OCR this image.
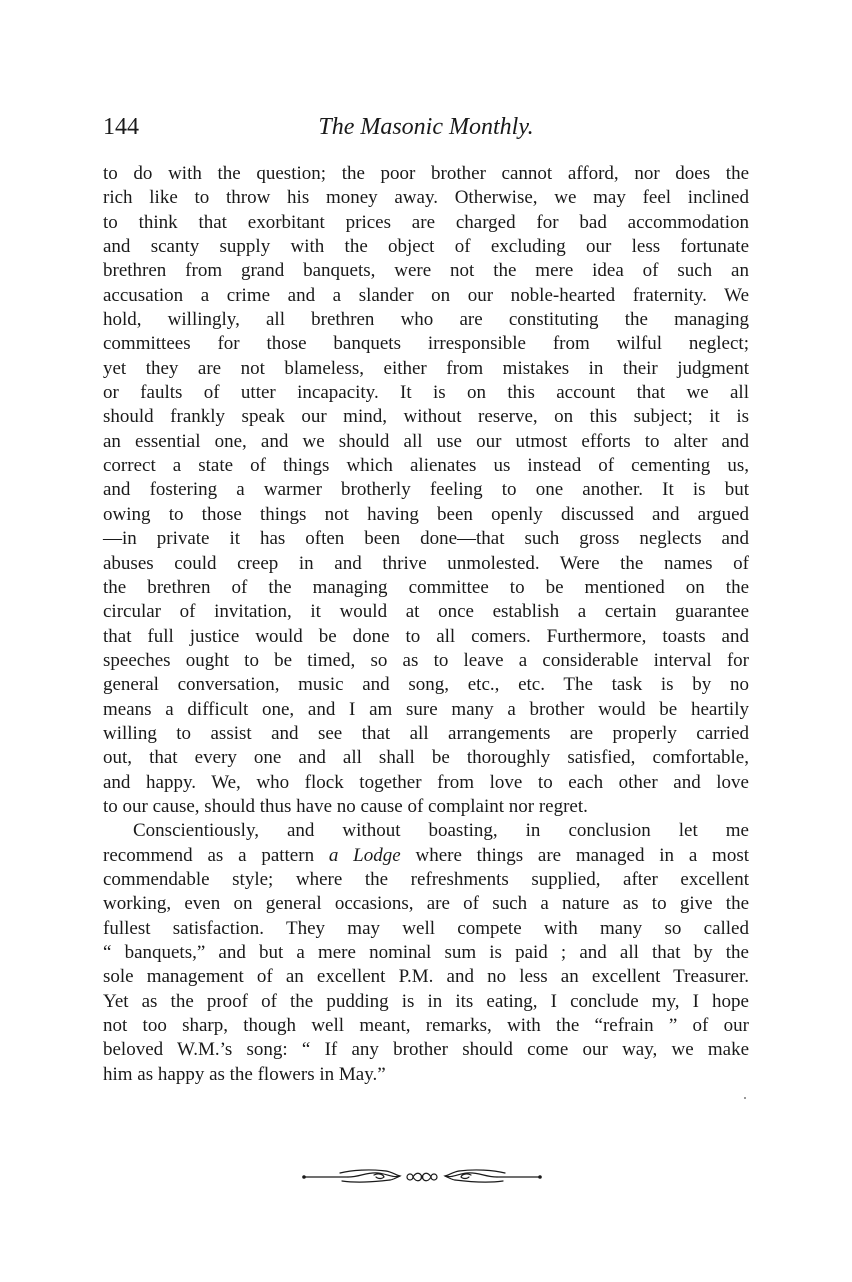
144	The Masonic Monthly.
to do with the question; the poor brother cannot afford, nor does the
rich like to throw his money away. Otherwise, we may feel inclined
to think that exorbitant prices are charged for bad accommodation
and scanty supply with the object of excluding our less fortunate
brethren from grand banquets, were not the mere idea of such an
accusation a crime and a slander on our noble-hearted fraternity. We
hold, willingly, all brethren who are constituting the managing
committees for those banquets irresponsible from wilful neglect;
yet they are not blameless, either from mistakes in their judgment
or faults of utter incapacity. It is on this account that we all
should frankly speak our mind, without reserve, on this subject; it is
an essential one, and we should all use our utmost efforts to alter and
correct a state of things which alienates us instead of cementing us,
and fostering a warmer brotherly feeling to one another. It is but
owing to those things not having been openly discussed and argued
—in private it has often been done—that such gross neglects and
abuses could creep in and thrive unmolested. Were the names of
the brethren of the managing committee to be mentioned on the
circular of invitation, it would at once establish a certain guarantee
that full justice would be done to all comers. Furthermore, toasts and
speeches ought to be timed, so as to leave a considerable interval for
general conversation, music and song, etc., etc. The task is by no
means a difficult one, and I am sure many a brother would be heartily
willing to assist and see that all arrangements are properly carried
out, that every one and all shall be thoroughly satisfied, comfortable,
and happy. We, who flock together from love to each other and love
to our cause, should thus have no cause of complaint nor regret.
Conscientiously, and without boasting, in conclusion let me
recommend as a pattern a Lodge where things are managed in a most
commendable style; where the refreshments supplied, after excellent
working, even on general occasions, are of such a nature as to give the
fullest satisfaction. They may well compete with many so called
“ banquets,” and but a mere nominal sum is paid ; and all that by the
sole management of an excellent P.M. and no less an excellent Treasurer.
Yet as the proof of the pudding is in its eating, I conclude my, I hope
not too sharp, though well meant, remarks, with the “refrain ” of our
beloved W.M.’s song: “ If any brother should come our way, we make
him as happy as the flowers in May.”
